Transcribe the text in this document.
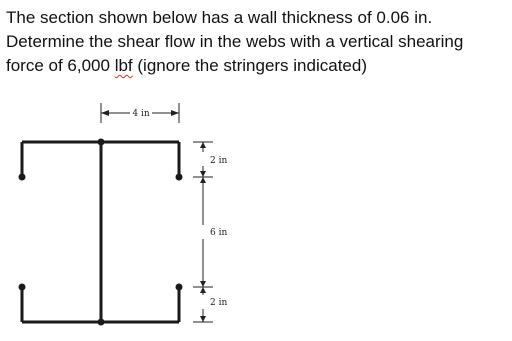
The section shown below has a wall thickness of 0.06 in.
Determine the shear flow in the webs with a vertical shearing
force of 6,000 lbf (ignore the stringers indicated)
4 in
2 in
6 in
2 in
